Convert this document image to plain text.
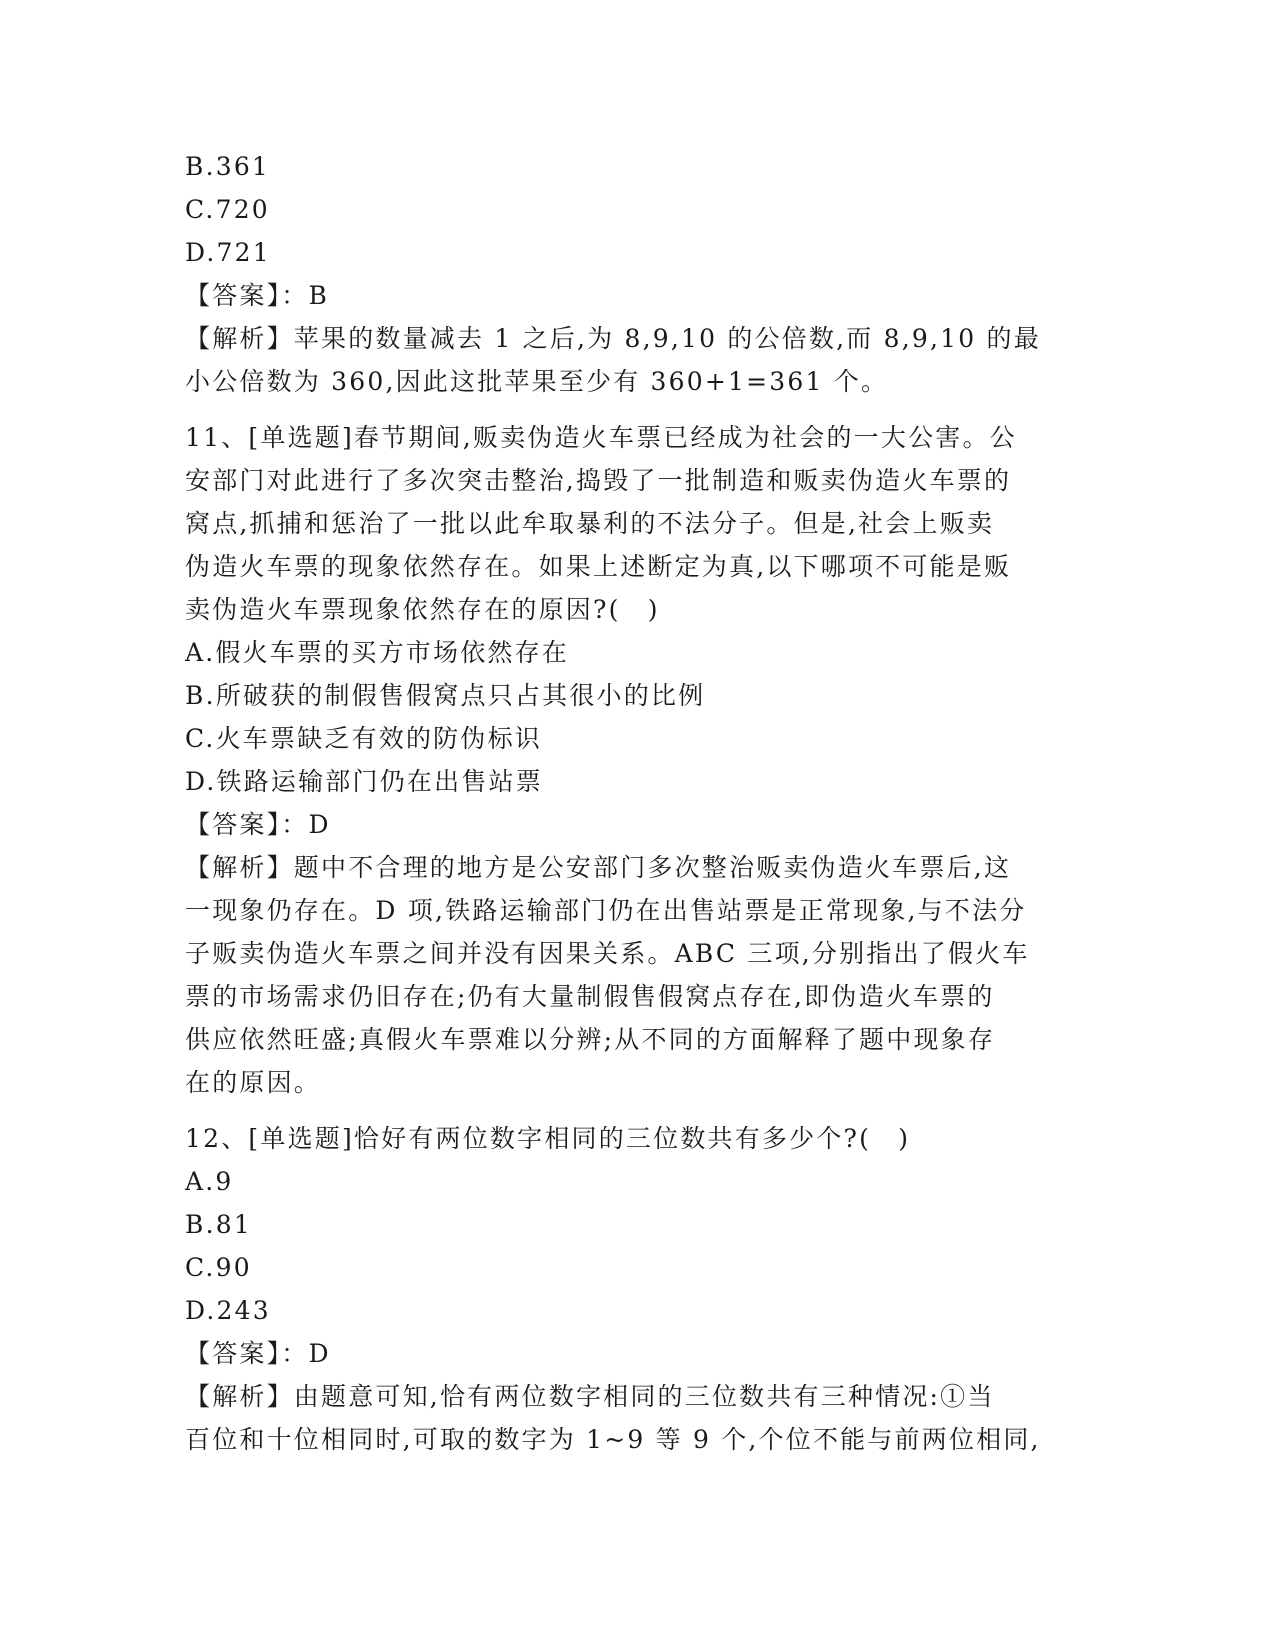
B.361
C.720
D.721
【答案】：B
【解析】苹果的数量减去 1 之后,为 8,9,10 的公倍数,而 8,9,10 的最
小公倍数为 360,因此这批苹果至少有 360+1=361 个。
11、[单选题]春节期间,贩卖伪造火车票已经成为社会的一大公害。公
安部门对此进行了多次突击整治,捣毁了一批制造和贩卖伪造火车票的
窝点,抓捕和惩治了一批以此牟取暴利的不法分子。但是,社会上贩卖
伪造火车票的现象依然存在。如果上述断定为真,以下哪项不可能是贩
卖伪造火车票现象依然存在的原因?(　)
A.假火车票的买方市场依然存在
B.所破获的制假售假窝点只占其很小的比例
C.火车票缺乏有效的防伪标识
D.铁路运输部门仍在出售站票
【答案】：D
【解析】题中不合理的地方是公安部门多次整治贩卖伪造火车票后,这
一现象仍存在。D 项,铁路运输部门仍在出售站票是正常现象,与不法分
子贩卖伪造火车票之间并没有因果关系。ABC 三项,分别指出了假火车
票的市场需求仍旧存在;仍有大量制假售假窝点存在,即伪造火车票的
供应依然旺盛;真假火车票难以分辨;从不同的方面解释了题中现象存
在的原因。
12、[单选题]恰好有两位数字相同的三位数共有多少个?(　)
A.9
B.81
C.90
D.243
【答案】：D
【解析】由题意可知,恰有两位数字相同的三位数共有三种情况:①当
百位和十位相同时,可取的数字为 1~9 等 9 个,个位不能与前两位相同,
